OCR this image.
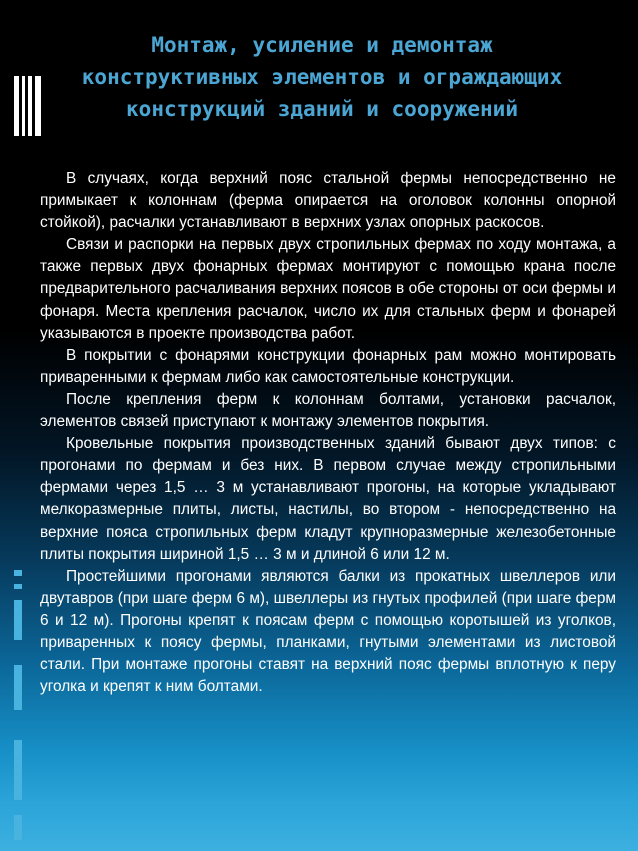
Монтаж, усиление и демонтаж
конструктивных элементов и ограждающих
конструкций зданий и сооружений

В случаях, когда верхний пояс стальной фермы непосредственно не примыкает к колоннам (ферма опирается на оголовок колонны опорной стойкой), расчалки устанавливают в верхних узлах опорных раскосов.

Связи и распорки на первых двух стропильных фермах по ходу монтажа, а также первых двух фонарных фермах монтируют с помощью крана после предварительного расчаливания верхних поясов в обе стороны от оси фермы и фонаря. Места крепления расчалок, число их для стальных ферм и фонарей указываются в проекте производства работ.

В покрытии с фонарями конструкции фонарных рам можно монтировать приваренными к фермам либо как самостоятельные конструкции.

После крепления ферм к колоннам болтами, установки расчалок, элементов связей приступают к монтажу элементов покрытия.

Кровельные покрытия производственных зданий бывают двух типов: с прогонами по фермам и без них. В первом случае между стропильными фермами через 1,5 … 3 м устанавливают прогоны, на которые укладывают мелкоразмерные плиты, листы, настилы, во втором - непосредственно на верхние пояса стропильных ферм кладут крупноразмерные железобетонные плиты покрытия шириной 1,5 … 3 м и длиной 6 или 12 м.

Простейшими прогонами являются балки из прокатных швеллеров или двутавров (при шаге ферм 6 м), швеллеры из гнутых профилей (при шаге ферм 6 и 12 м). Прогоны крепят к поясам ферм с помощью коротышей из уголков, приваренных к поясу фермы, планками, гнутыми элементами из листовой стали. При монтаже прогоны ставят на верхний пояс фермы вплотную к перу уголка и крепят к ним болтами.
